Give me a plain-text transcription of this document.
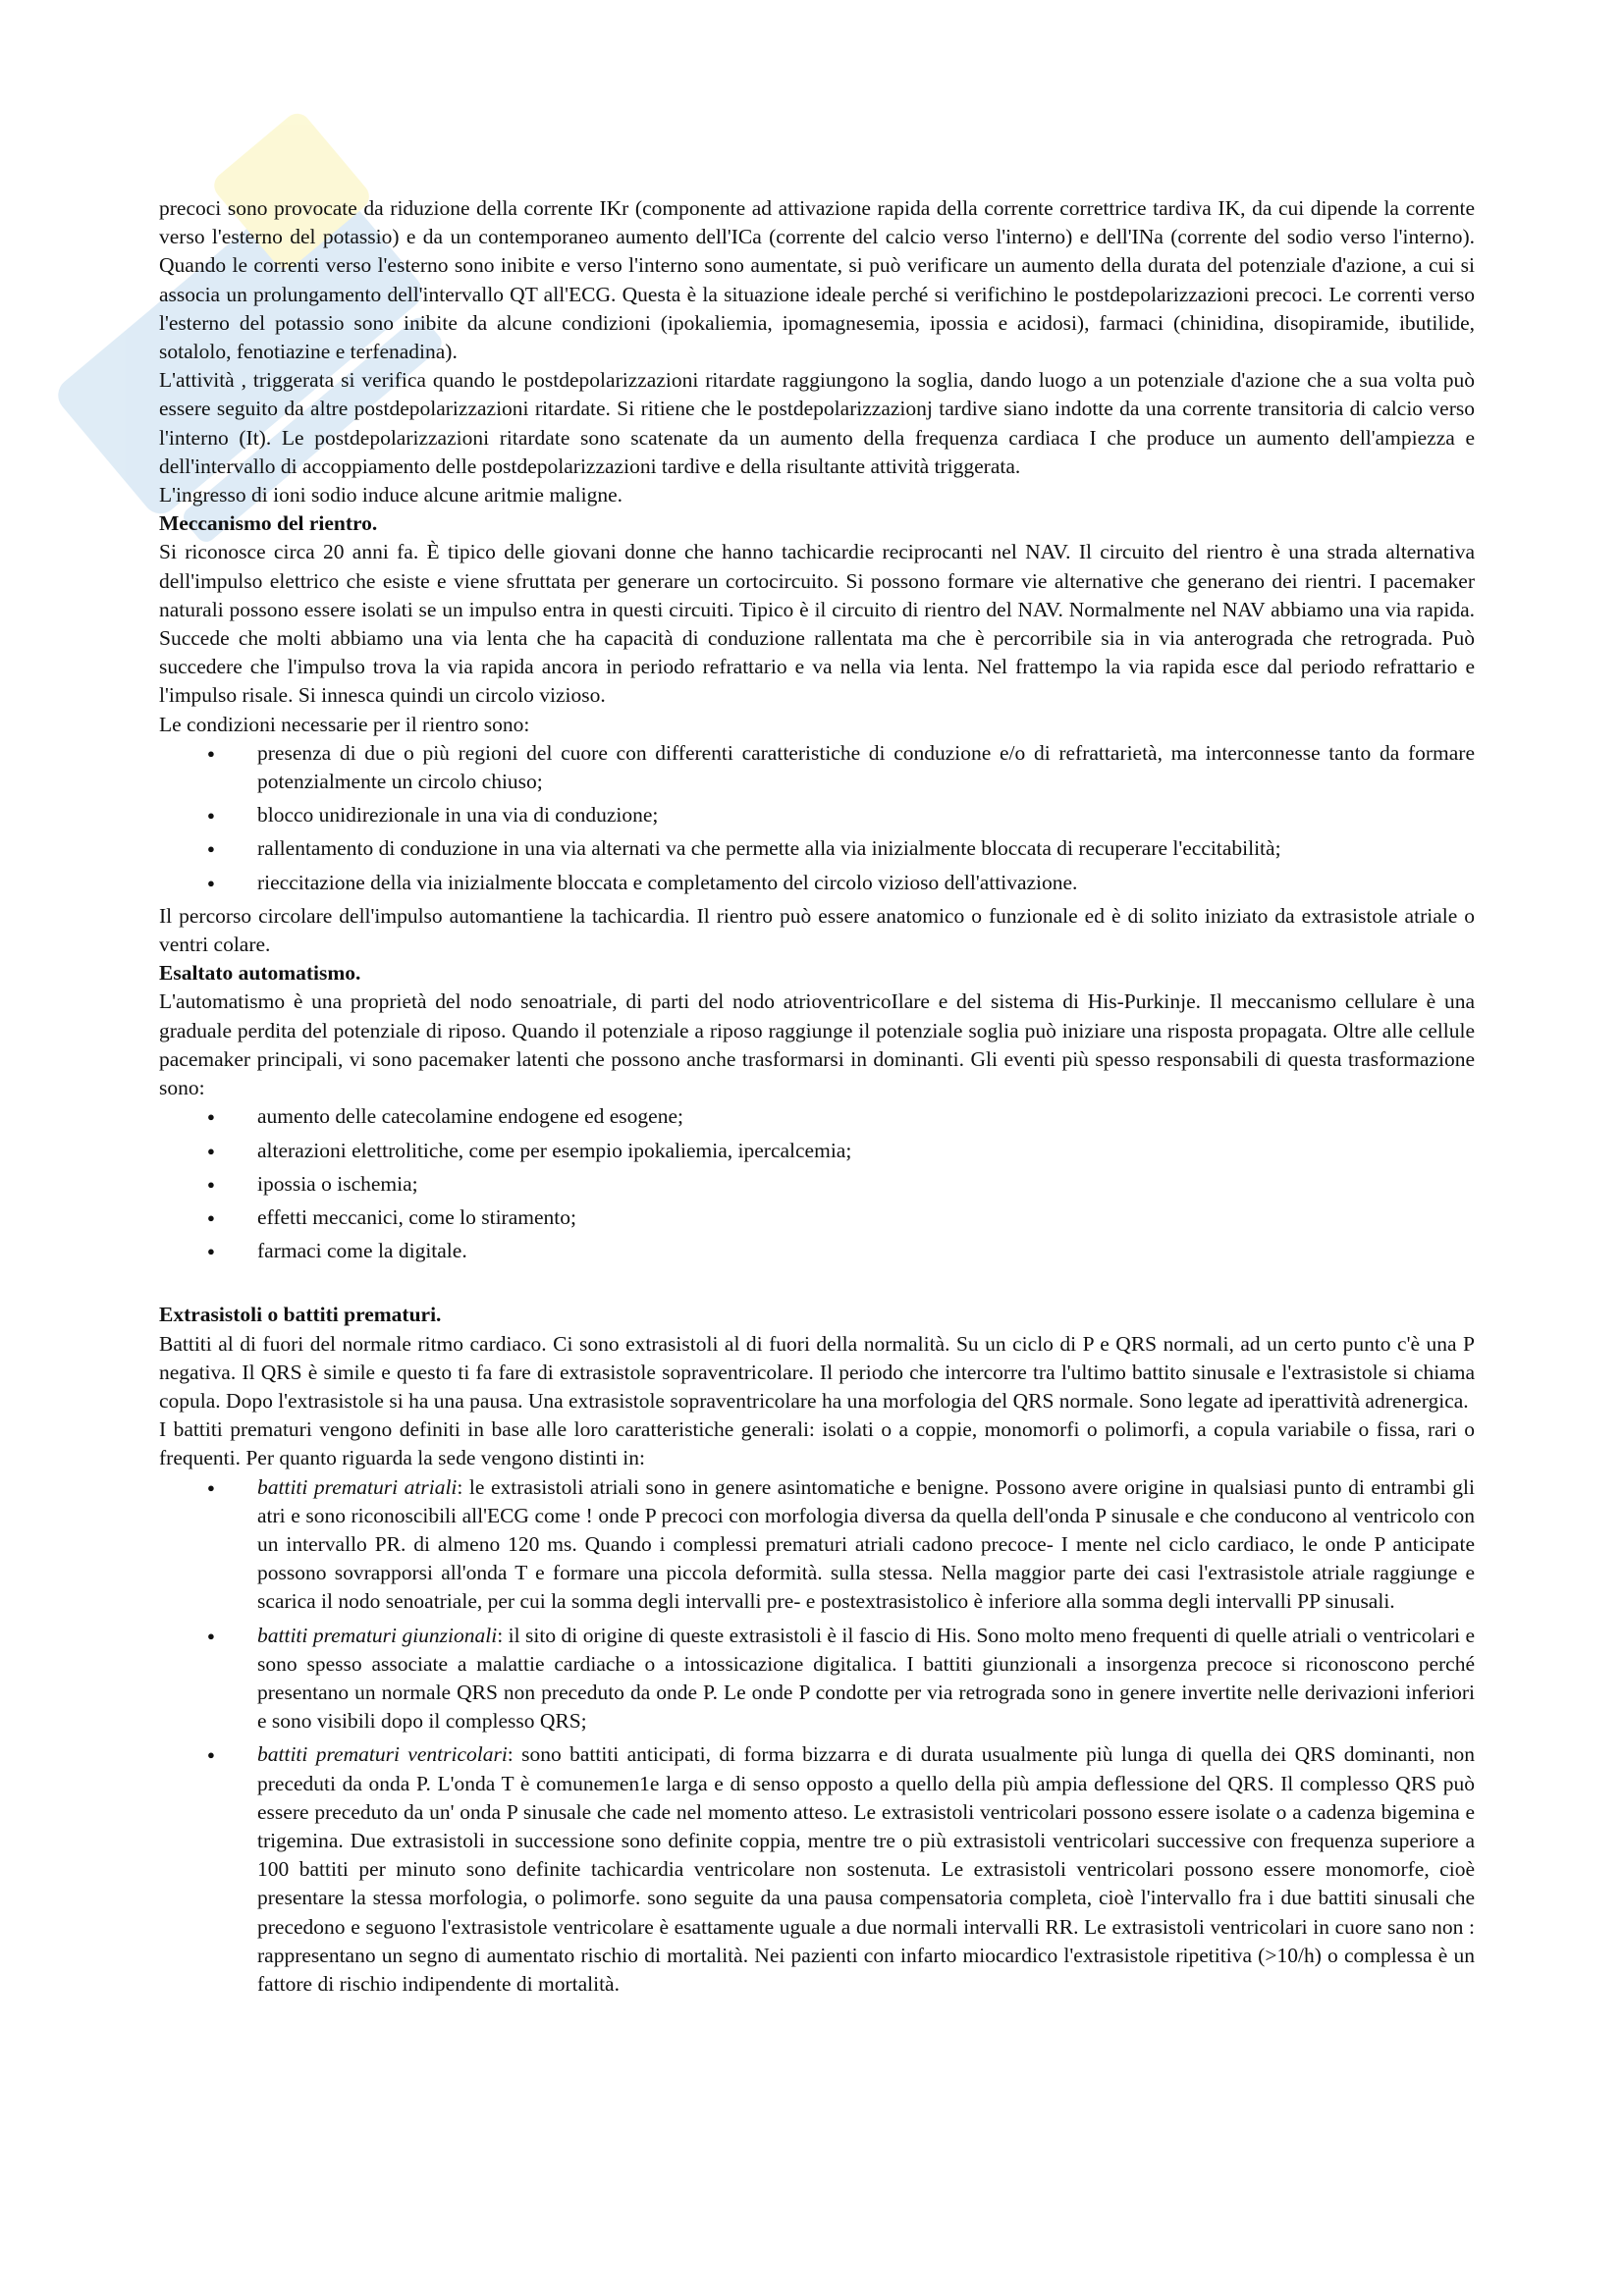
precoci sono provocate da riduzione della corrente IKr (componente ad attivazione rapida della corrente correttrice tardiva IK, da cui dipende la corrente verso l'esterno del potassio) e da un contemporaneo aumento dell'ICa (corrente del calcio verso l'interno) e dell'INa (corrente del sodio verso l'interno). Quando le correnti verso l'esterno sono inibite e verso l'interno sono aumentate, si può verificare un aumento della durata del potenziale d'azione, a cui si associa un prolungamento dell'intervallo QT all'ECG. Questa è la situazione ideale perché si verifichino le postdepolarizzazioni precoci. Le correnti verso l'esterno del potassio sono inibite da alcune condizioni (ipokaliemia, ipomagnesemia, ipossia e acidosi), farmaci (chinidina, disopiramide, ibutilide, sotalolo, fenotiazine e terfenadina).

L'attività , triggerata si verifica quando le postdepolarizzazioni ritardate raggiungono la soglia, dando luogo a un potenziale d'azione che a sua volta può essere seguito da altre postdepolarizzazioni ritardate. Si ritiene che le postdepolarizzazionj tardive siano indotte da una corrente transitoria di calcio verso l'interno (It). Le postdepolarizzazioni ritardate sono scatenate da un aumento della frequenza cardiaca I che produce un aumento dell'ampiezza e dell'intervallo di accoppiamento delle postdepolarizzazioni tardive e della risultante attività triggerata.

L'ingresso di ioni sodio induce alcune aritmie maligne.

Meccanismo del rientro.

Si riconosce circa 20 anni fa. È tipico delle giovani donne che hanno tachicardie reciprocanti nel NAV. Il circuito del rientro è una strada alternativa dell'impulso elettrico che esiste e viene sfruttata per generare un cortocircuito. Si possono formare vie alternative che generano dei rientri. I pacemaker naturali possono essere isolati se un impulso entra in questi circuiti. Tipico è il circuito di rientro del NAV. Normalmente nel NAV abbiamo una via rapida. Succede che molti abbiamo una via lenta che ha capacità di conduzione rallentata ma che è percorribile sia in via anterograda che retrograda. Può succedere che l'impulso trova la via rapida ancora in periodo refrattario e va nella via lenta. Nel frattempo la via rapida esce dal periodo refrattario e l'impulso risale. Si innesca quindi un circolo vizioso.

Le condizioni necessarie per il rientro sono:

● presenza di due o più regioni del cuore con differenti caratteristiche di conduzione e/o di refrattarietà, ma interconnesse tanto da formare potenzialmente un circolo chiuso;
● blocco unidirezionale in una via di conduzione;
● rallentamento di conduzione in una via alternati va che permette alla via inizialmente bloccata di recuperare l'eccitabilità;
● rieccitazione della via inizialmente bloccata e completamento del circolo vizioso dell'attivazione.

Il percorso circolare dell'impulso automantiene la tachicardia. Il rientro può essere anatomico o funzionale ed è di solito iniziato da extrasistole atriale o ventri colare.

Esaltato automatismo.

L'automatismo è una proprietà del nodo senoatriale, di parti del nodo atrioventricoIlare e del sistema di His-Purkinje. Il meccanismo cellulare è una graduale perdita del potenziale di riposo. Quando il potenziale a riposo raggiunge il potenziale soglia può iniziare una risposta propagata. Oltre alle cellule pacemaker principali, vi sono pacemaker latenti che possono anche trasformarsi in dominanti. Gli eventi più spesso responsabili di questa trasformazione sono:

● aumento delle catecolamine endogene ed esogene;
● alterazioni elettrolitiche, come per esempio ipokaliemia, ipercalcemia;
● ipossia o ischemia;
● effetti meccanici, come lo stiramento;
● farmaci come la digitale.
Extrasistoli o battiti prematuri.

Battiti al di fuori del normale ritmo cardiaco. Ci sono extrasistoli al di fuori della normalità. Su un ciclo di P e QRS normali, ad un certo punto c'è una P negativa. Il QRS è simile e questo ti fa fare di extrasistole sopraventricolare. Il periodo che intercorre tra l'ultimo battito sinusale e l'extrasistole si chiama copula. Dopo l'extrasistole si ha una pausa. Una extrasistole sopraventricolare ha una morfologia del QRS normale. Sono legate ad iperattività adrenergica.

I battiti prematuri vengono definiti in base alle loro caratteristiche generali: isolati o a coppie, monomorfi o polimorfi, a copula variabile o fissa, rari o frequenti. Per quanto riguarda la sede vengono distinti in:

● battiti prematuri atriali: le extrasistoli atriali sono in genere asintomatiche e benigne. Possono avere origine in qualsiasi punto di entrambi gli atri e sono riconoscibili all'ECG come ! onde P precoci con morfologia diversa da quella dell'onda P sinusale e che conducono al ventricolo con un intervallo PR. di almeno 120 ms. Quando i complessi prematuri atriali cadono precoce- I mente nel ciclo cardiaco, le onde P anticipate possono sovrapporsi all'onda T e formare una piccola deformità. sulla stessa. Nella maggior parte dei casi l'extrasistole atriale raggiunge e scarica il nodo senoatriale, per cui la somma degli intervalli pre- e postextrasistolico è inferiore alla somma degli intervalli PP sinusali.
● battiti prematuri giunzionali: il sito di origine di queste extrasistoli è il fascio di His. Sono molto meno frequenti di quelle atriali o ventricolari e sono spesso associate a malattie cardiache o a intossicazione digitalica. I battiti giunzionali a insorgenza precoce si riconoscono perché presentano un normale QRS non preceduto da onde P. Le onde P condotte per via retrograda sono in genere invertite nelle derivazioni inferiori e sono visibili dopo il complesso QRS;
● battiti prematuri ventricolari: sono battiti anticipati, di forma bizzarra e di durata usualmente più lunga di quella dei QRS dominanti, non preceduti da onda P. L'onda T è comunemen1e larga e di senso opposto a quello della più ampia deflessione del QRS. Il complesso QRS può essere preceduto da un' onda P sinusale che cade nel momento atteso. Le extrasistoli ventricolari possono essere isolate o a cadenza bigemina e trigemina. Due extrasistoli in successione sono definite coppia, mentre tre o più extrasistoli ventricolari successive con frequenza superiore a 100 battiti per minuto sono definite tachicardia ventricolare non sostenuta. Le extrasistoli ventricolari possono essere monomorfe, cioè presentare la stessa morfologia, o polimorfe. sono seguite da una pausa compensatoria completa, cioè l'intervallo fra i due battiti sinusali che precedono e seguono l'extrasistole ventricolare è esattamente uguale a due normali intervalli RR. Le extrasistoli ventricolari in cuore sano non : rappresentano un segno di aumentato rischio di mortalità. Nei pazienti con infarto miocardico l'extrasistole ripetitiva (>10/h) o complessa è un fattore di rischio indipendente di mortalità.
